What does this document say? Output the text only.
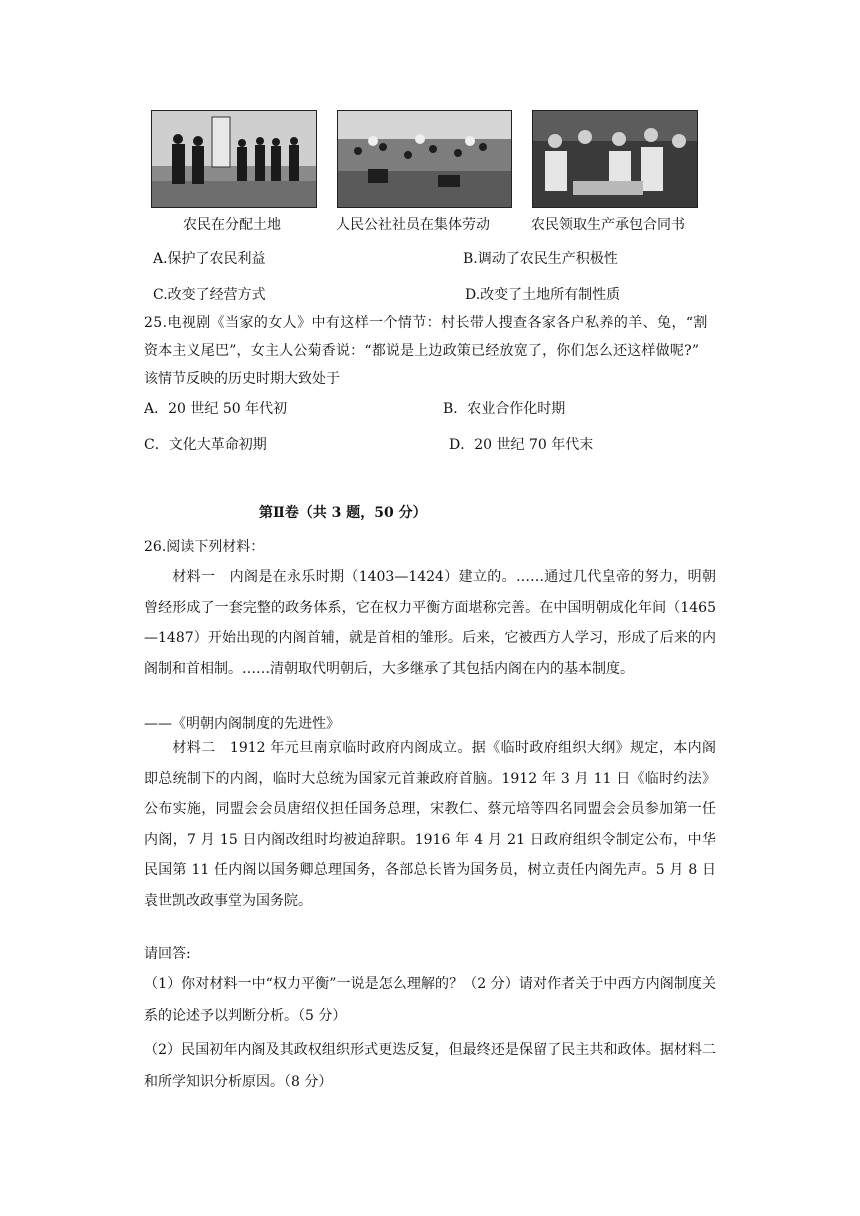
农民在分配土地	人民公社社员在集体劳动	农民领取生产承包合同书
A.保护了农民利益	B.调动了农民生产积极性
C.改变了经营方式	D.改变了土地所有制性质
25.电视剧《当家的女人》中有这样一个情节：村长带人搜查各家各户私养的羊、兔，“割
资本主义尾巴”，女主人公菊香说：“都说是上边政策已经放宽了，你们怎么还这样做呢?”
该情节反映的历史时期大致处于
A．20 世纪 50 年代初	B．农业合作化时期
C．文化大革命初期	D．20 世纪 70 年代末
第Ⅱ卷（共 3 题，50 分）
26.阅读下列材料：
材料一　内阁是在永乐时期（1403—1424）建立的。……通过几代皇帝的努力，明朝曾经形成了一套完整的政务体系，它在权力平衡方面堪称完善。在中国明朝成化年间（1465—1487）开始出现的内阁首辅，就是首相的雏形。后来，它被西方人学习，形成了后来的内阁制和首相制。……清朝取代明朝后，大多继承了其包括内阁在内的基本制度。
——《明朝内阁制度的先进性》
材料二　1912 年元旦南京临时政府内阁成立。据《临时政府组织大纲》规定，本内阁即总统制下的内阁，临时大总统为国家元首兼政府首脑。1912 年 3 月 11 日《临时约法》公布实施，同盟会会员唐绍仪担任国务总理，宋教仁、蔡元培等四名同盟会会员参加第一任内阁，7 月 15 日内阁改组时均被迫辞职。1916 年 4 月 21 日政府组织令制定公布，中华民国第 11 任内阁以国务卿总理国务，各部总长皆为国务员，树立责任内阁先声。5 月 8 日袁世凯改政事堂为国务院。
请回答:
（1）你对材料一中“权力平衡”一说是怎么理解的？（2 分）请对作者关于中西方内阁制度关系的论述予以判断分析。（5 分）
（2）民国初年内阁及其政权组织形式更迭反复，但最终还是保留了民主共和政体。据材料二和所学知识分析原因。（8 分）
